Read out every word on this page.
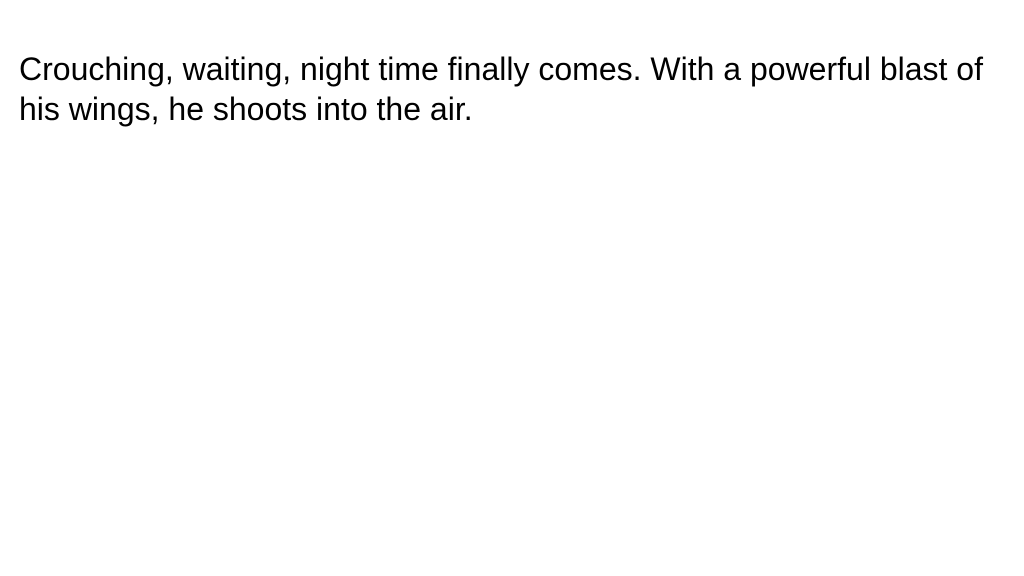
Crouching, waiting, night time finally comes. With a powerful blast of his wings, he shoots into the air.
